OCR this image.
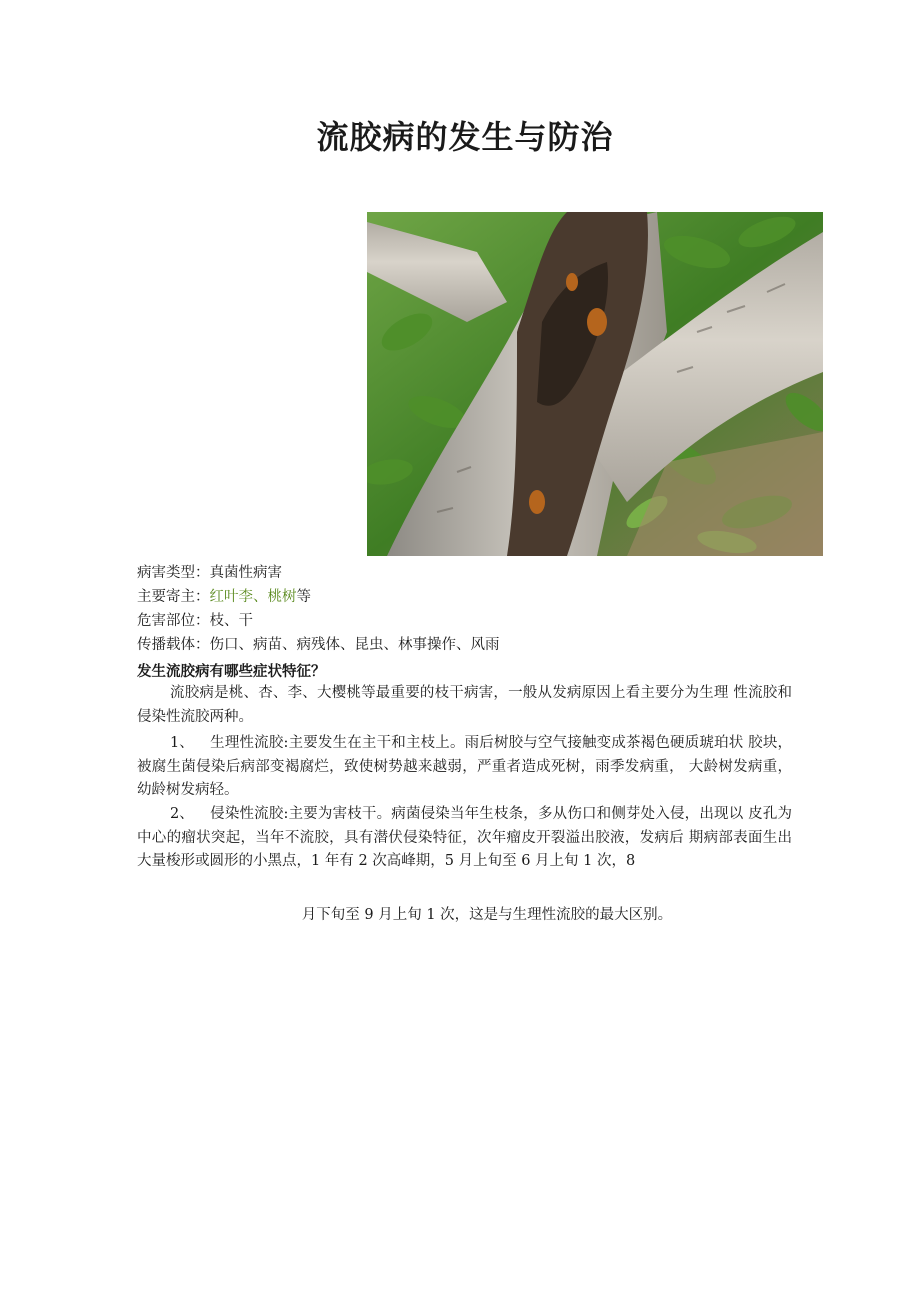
流胶病的发生与防治
病害类型：真菌性病害
主要寄主：红叶李、桃树等
危害部位：枝、干
传播载体：伤口、病苗、病残体、昆虫、林事操作、风雨
发生流胶病有哪些症状特征？

流胶病是桃、杏、李、大樱桃等最重要的枝干病害，一般从发病原因上看主要分为生理 性流胶和侵染性流胶两种。

1、 生理性流胶:主要发生在主干和主枝上。雨后树胶与空气接触变成茶褐色硬质琥珀状 胶块，被腐生菌侵染后病部变褐腐烂，致使树势越来越弱，严重者造成死树，雨季发病重， 大龄树发病重，幼龄树发病轻。

2、 侵染性流胶:主要为害枝干。病菌侵染当年生枝条，多从伤口和侧芽处入侵，出现以 皮孔为中心的瘤状突起，当年不流胶，具有潜伏侵染特征，次年瘤皮开裂溢出胶液，发病后 期病部表面生出大量梭形或圆形的小黑点，1 年有 2 次高峰期，5 月上旬至 6 月上旬 1 次，8

月下旬至 9 月上旬 1 次，这是与生理性流胶的最大区别。
